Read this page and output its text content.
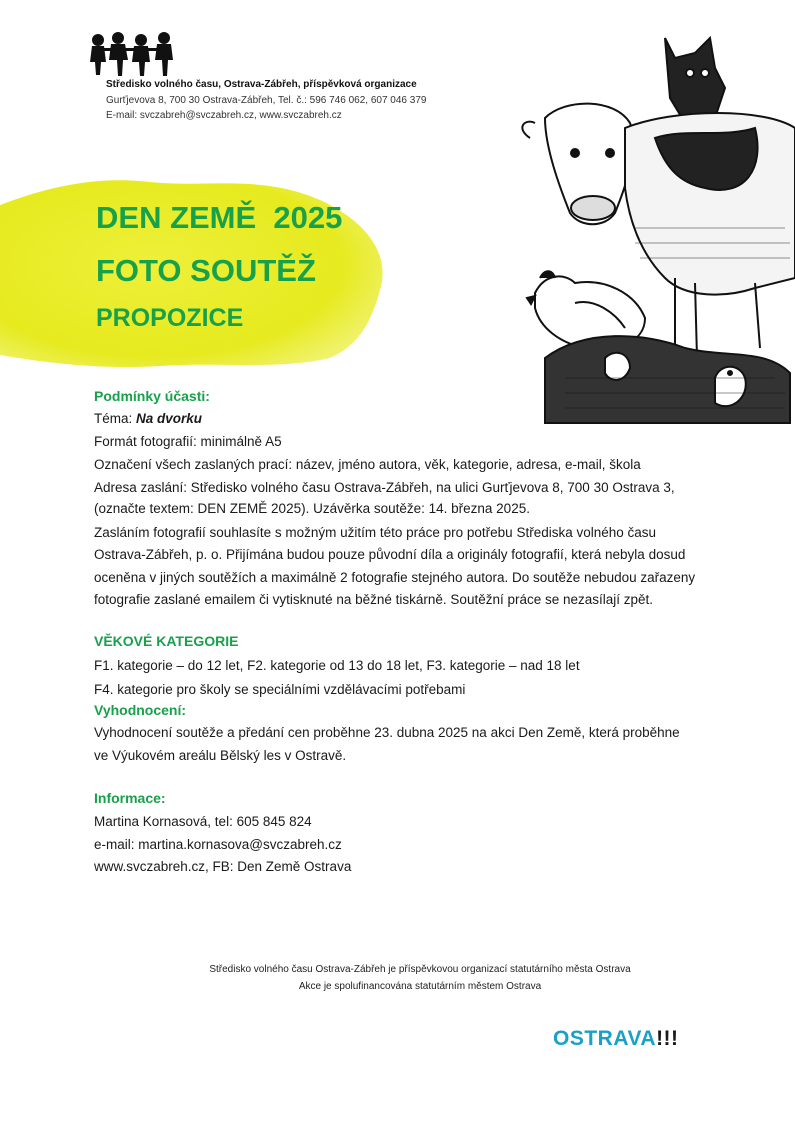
Středisko volného času, Ostrava-Zábřeh, příspěvková organizace
Gurťjevova 8, 700 30 Ostrava-Zábřeh, Tel. č.: 596 746 062, 607 046 379
E-mail: svczabreh@svczabreh.cz, www.svczabreh.cz
DEN ZEMĚ  2025
FOTO SOUTĚŽ
PROPOZICE
Podmínky účasti:
Téma: Na dvorku
Formát fotografií: minimálně A5
Označení všech zaslaných prací: název, jméno autora, věk, kategorie, adresa, e-mail, škola
Adresa zaslání: Středisko volného času Ostrava-Zábřeh, na ulici Gurťjevova 8, 700 30 Ostrava 3,
(označte textem: DEN ZEMĚ 2025). Uzávěrka soutěže: 14. března 2025.
Zasláním fotografií souhlasíte s možným užitím této práce pro potřebu Střediska volného času
Ostrava-Zábřeh, p. o. Přijímána budou pouze původní díla a originály fotografií, která nebyla dosud
oceněna v jiných soutěžích a maximálně 2 fotografie stejného autora. Do soutěže nebudou zařazeny
fotografie zaslané emailem či vytisknuté na běžné tiskárně. Soutěžní práce se nezasílají zpět.
VĚKOVÉ KATEGORIE
F1. kategorie – do 12 let, F2. kategorie od 13 do 18 let, F3. kategorie – nad 18 let
F4. kategorie pro školy se speciálními vzdělávacími potřebami
Vyhodnocení:
Vyhodnocení soutěže a předání cen proběhne 23. dubna 2025 na akci Den Země, která proběhne
ve Výukovém areálu Bělský les v Ostravě.
Informace:
Martina Kornasová, tel: 605 845 824
e-mail: martina.kornasova@svczabreh.cz
www.svczabreh.cz, FB: Den Země Ostrava
Středisko volného času Ostrava-Zábřeh je příspěvkovou organizací statutárního města Ostrava
Akce je spolufinancována statutárním městem Ostrava
OSTRAVA!!!
